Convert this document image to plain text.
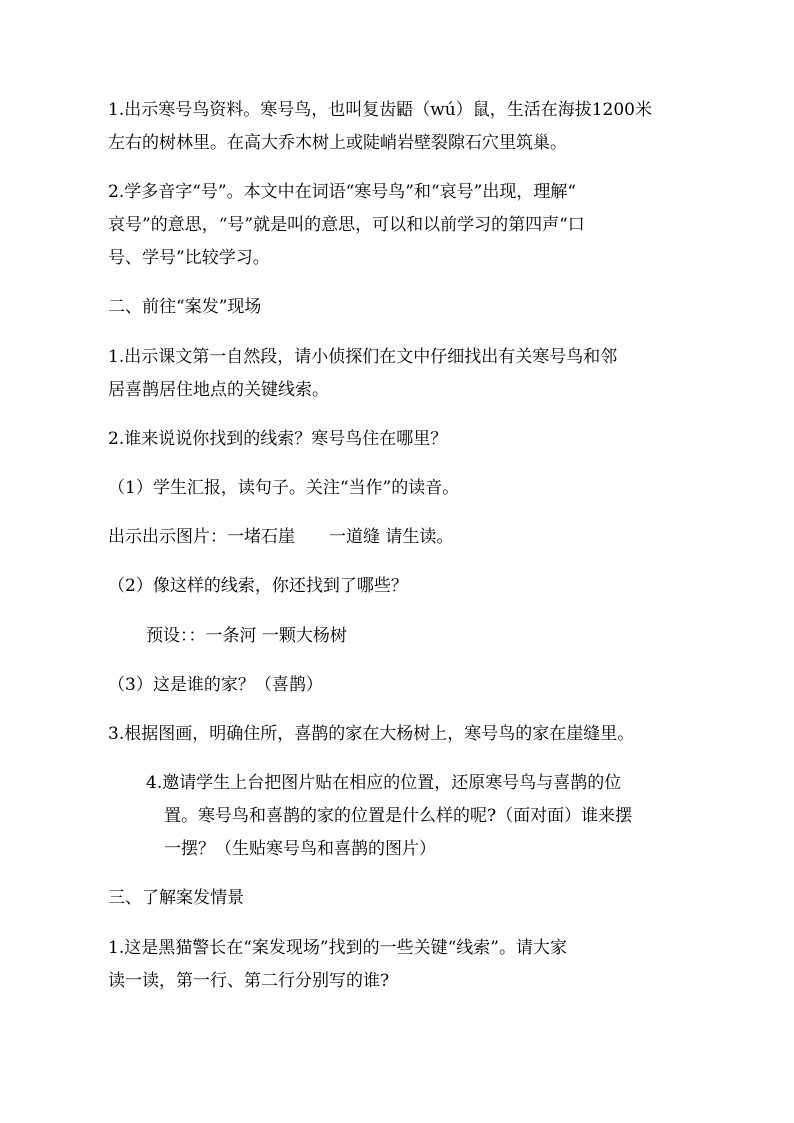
1.出示寒号鸟资料。寒号鸟，也叫复齿鼯（wú）鼠，生活在海拔1200米
左右的树林里。在高大乔木树上或陡峭岩壁裂隙石穴里筑巢。
2.学多音字“号”。本文中在词语“寒号鸟”和“哀号”出现，理解“
哀号”的意思，“号”就是叫的意思，可以和以前学习的第四声“口
号、学号”比较学习。
二、前往“案发”现场
1.出示课文第一自然段，请小侦探们在文中仔细找出有关寒号鸟和邻
居喜鹊居住地点的关键线索。
2.谁来说说你找到的线索？寒号鸟住在哪里？
（1）学生汇报，读句子。关注“当作”的读音。
出示出示图片：一堵石崖　　一道缝 请生读。
（2）像这样的线索，你还找到了哪些？
预设：：一条河 一颗大杨树
（3）这是谁的家？（喜鹊）
3.根据图画，明确住所，喜鹊的家在大杨树上，寒号鸟的家在崖缝里。
4.邀请学生上台把图片贴在相应的位置，还原寒号鸟与喜鹊的位
置。寒号鸟和喜鹊的家的位置是什么样的呢?（面对面）谁来摆
一摆？（生贴寒号鸟和喜鹊的图片）
三、了解案发情景
1.这是黑猫警长在“案发现场”找到的一些关键“线索”。请大家
读一读，第一行、第二行分别写的谁?
